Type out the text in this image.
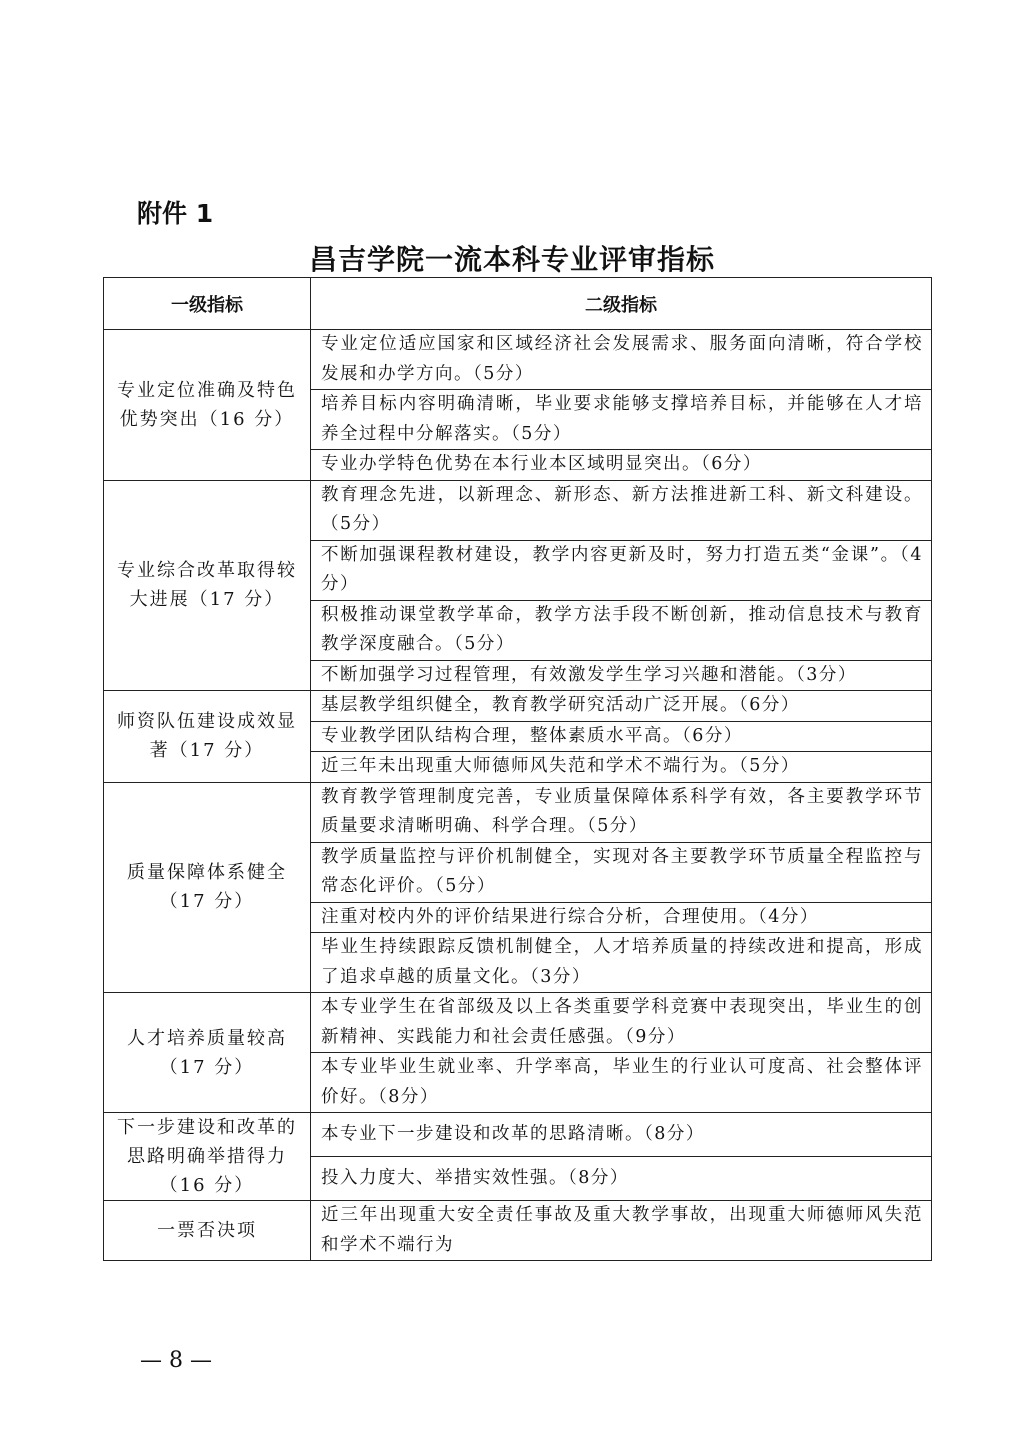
附件 1
昌吉学院一流本科专业评审指标
一级指标	二级指标
专业定位准确及特色优势突出（16 分）	专业定位适应国家和区域经济社会发展需求、服务面向清晰，符合学校发展和办学方向。（5分）
	培养目标内容明确清晰，毕业要求能够支撑培养目标，并能够在人才培养全过程中分解落实。（5分）
	专业办学特色优势在本行业本区域明显突出。（6分）
专业综合改革取得较大进展（17 分）	教育理念先进，以新理念、新形态、新方法推进新工科、新文科建设。（5分）
	不断加强课程教材建设，教学内容更新及时，努力打造五类“金课”。（4分）
	积极推动课堂教学革命，教学方法手段不断创新，推动信息技术与教育教学深度融合。（5分）
	不断加强学习过程管理，有效激发学生学习兴趣和潜能。（3分）
师资队伍建设成效显著（17 分）	基层教学组织健全，教育教学研究活动广泛开展。（6分）
	专业教学团队结构合理，整体素质水平高。（6分）
	近三年未出现重大师德师风失范和学术不端行为。（5分）
质量保障体系健全（17 分）	教育教学管理制度完善，专业质量保障体系科学有效，各主要教学环节质量要求清晰明确、科学合理。（5分）
	教学质量监控与评价机制健全，实现对各主要教学环节质量全程监控与常态化评价。（5分）
	注重对校内外的评价结果进行综合分析，合理使用。（4分）
	毕业生持续跟踪反馈机制健全，人才培养质量的持续改进和提高，形成了追求卓越的质量文化。（3分）
人才培养质量较高（17 分）	本专业学生在省部级及以上各类重要学科竞赛中表现突出，毕业生的创新精神、实践能力和社会责任感强。（9分）
	本专业毕业生就业率、升学率高，毕业生的行业认可度高、社会整体评价好。（8分）
下一步建设和改革的思路明确举措得力（16 分）	本专业下一步建设和改革的思路清晰。（8分）
	投入力度大、举措实效性强。（8分）
一票否决项	近三年出现重大安全责任事故及重大教学事故，出现重大师德师风失范和学术不端行为
— 8 —
